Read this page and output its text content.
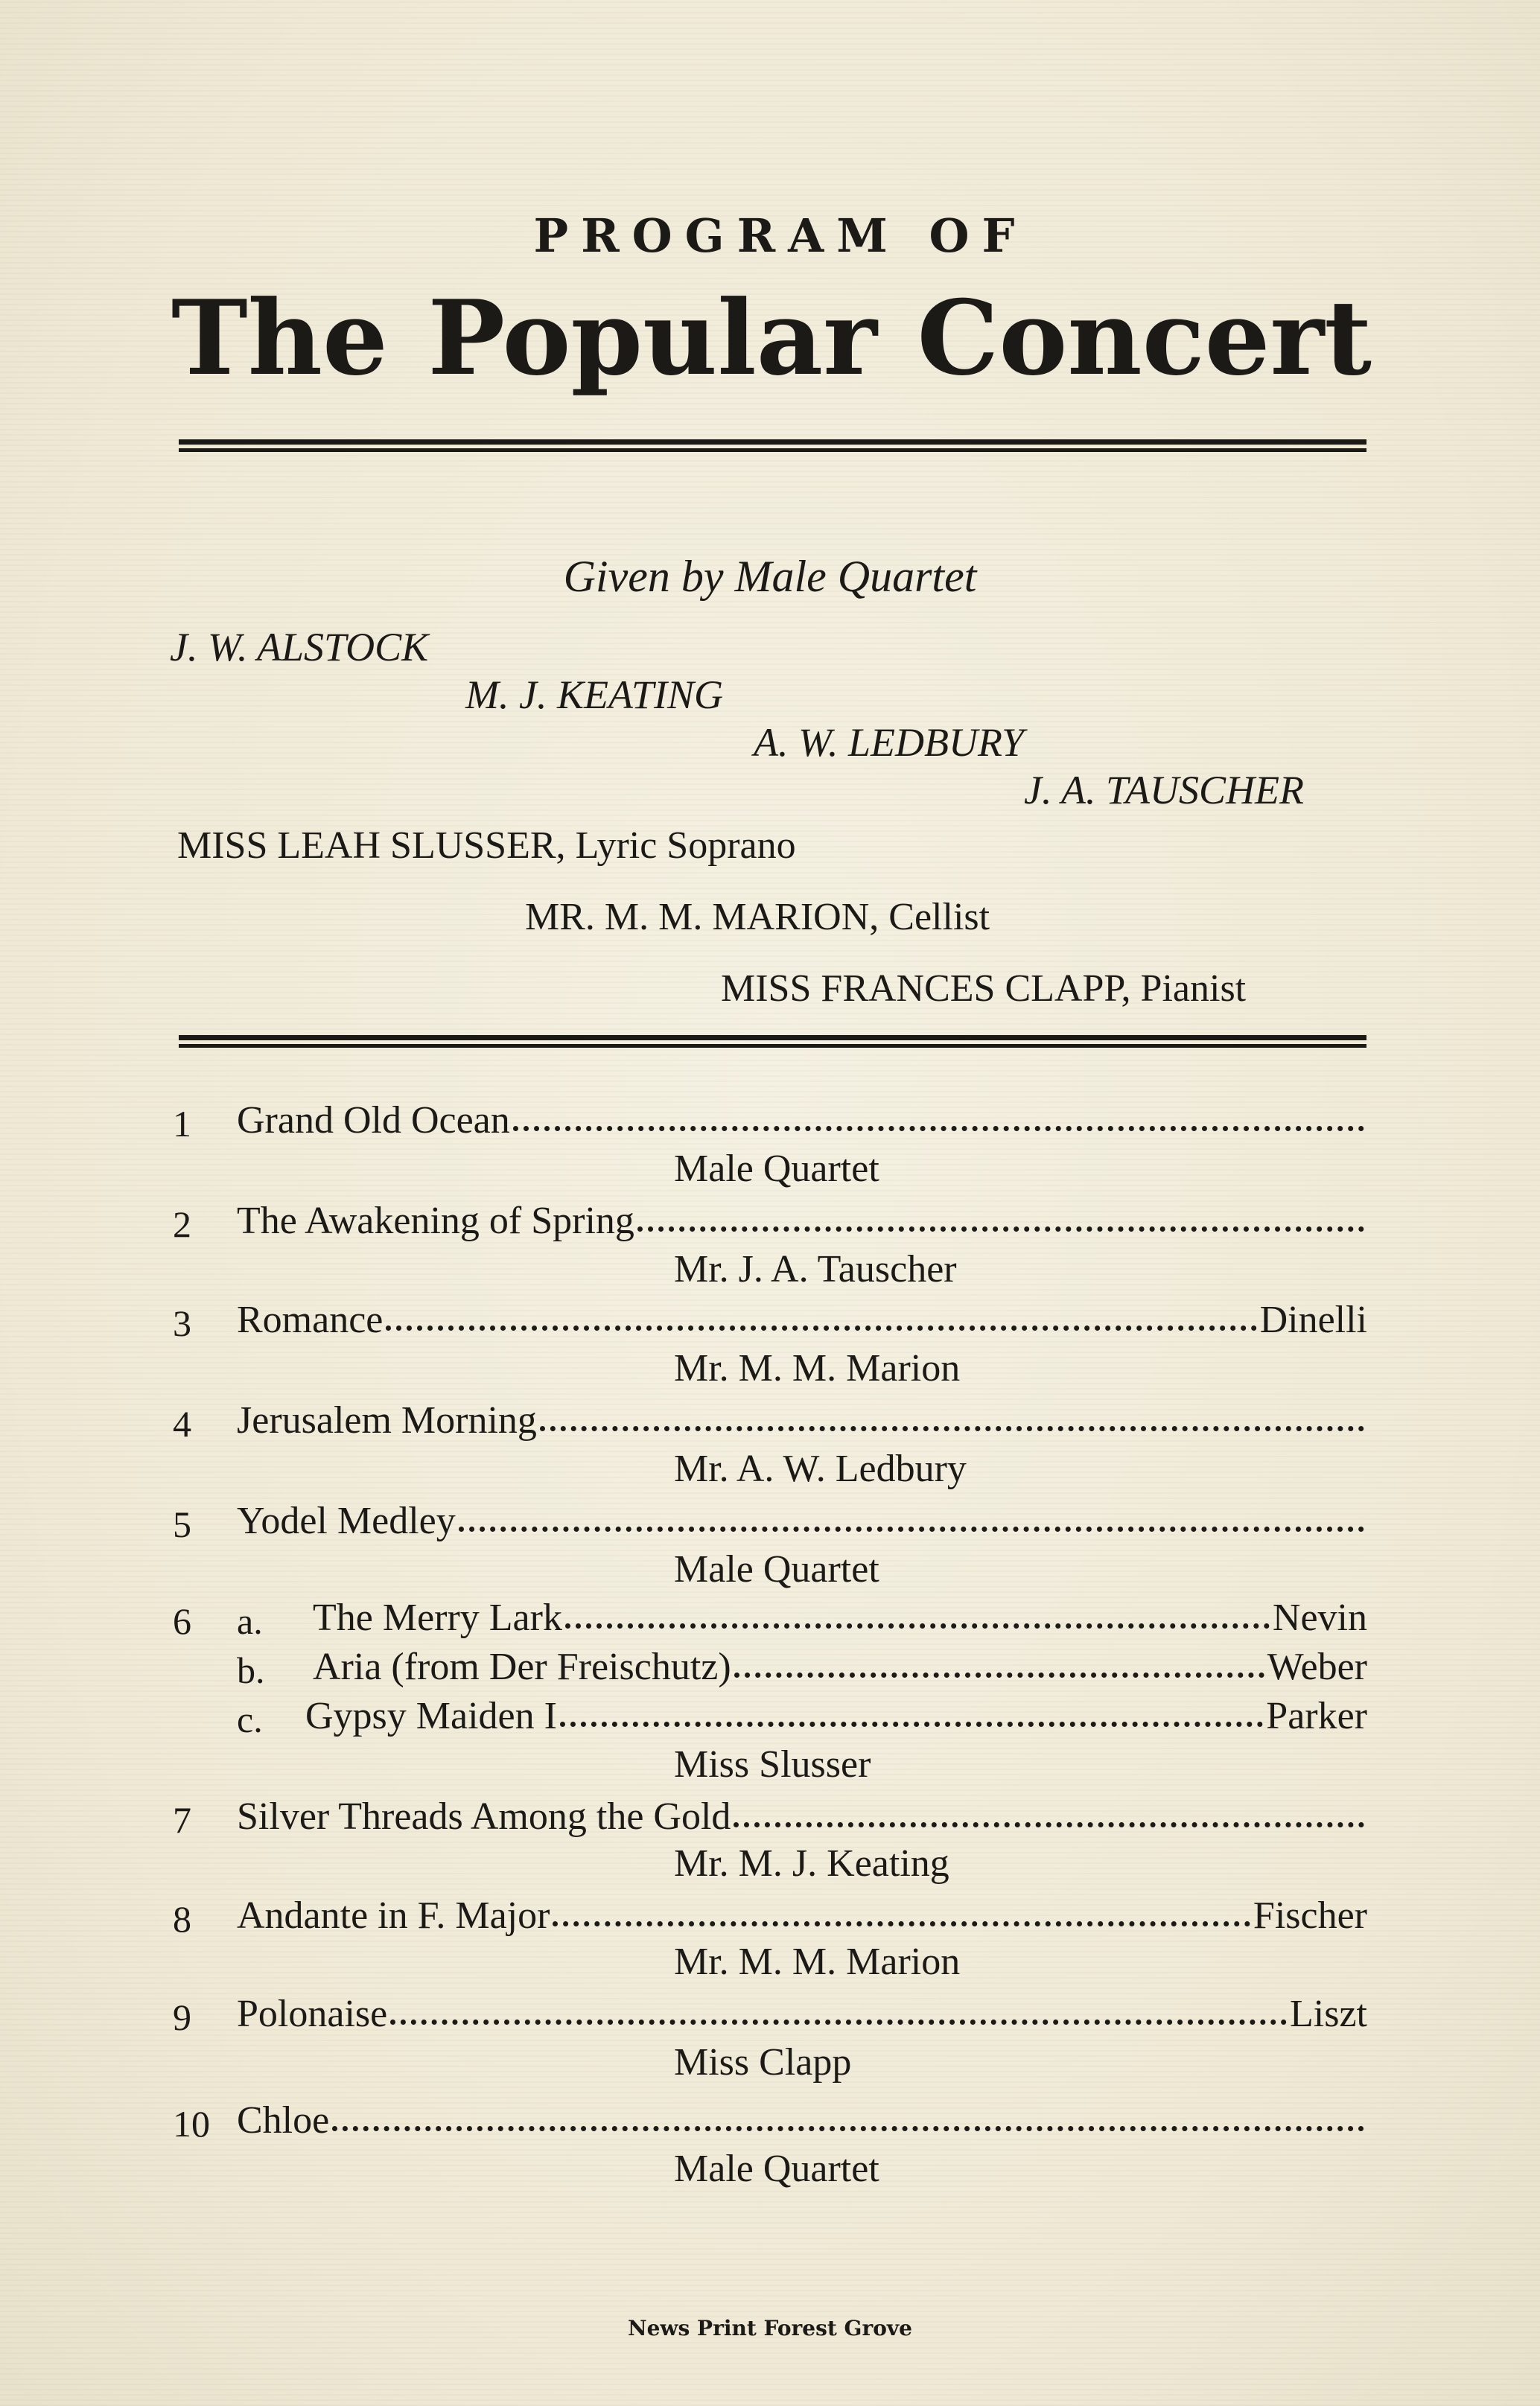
PROGRAM OF
The Popular Concert
Given by Male Quartet
J. W. ALSTOCK
M. J. KEATING
A. W. LEDBURY
J. A. TAUSCHER
MISS LEAH SLUSSER, Lyric Soprano
MR. M. M. MARION, Cellist
MISS FRANCES CLAPP, Pianist
1	Grand Old Ocean
Male Quartet
2	The Awakening of Spring
Mr. J. A. Tauscher
3	Romance	Dinelli
Mr. M. M. Marion
4	Jerusalem Morning
Mr. A. W. Ledbury
5	Yodel Medley
Male Quartet
6	a.	The Merry Lark	Nevin
b.	Aria (from Der Freischutz)	Weber
c.	Gypsy Maiden I	Parker
Miss Slusser
7	Silver Threads Among the Gold
Mr. M. J. Keating
8	Andante in F. Major	Fischer
Mr. M. M. Marion
9	Polonaise	Liszt
Miss Clapp
10 Chloe
Male Quartet
News Print Forest Grove
